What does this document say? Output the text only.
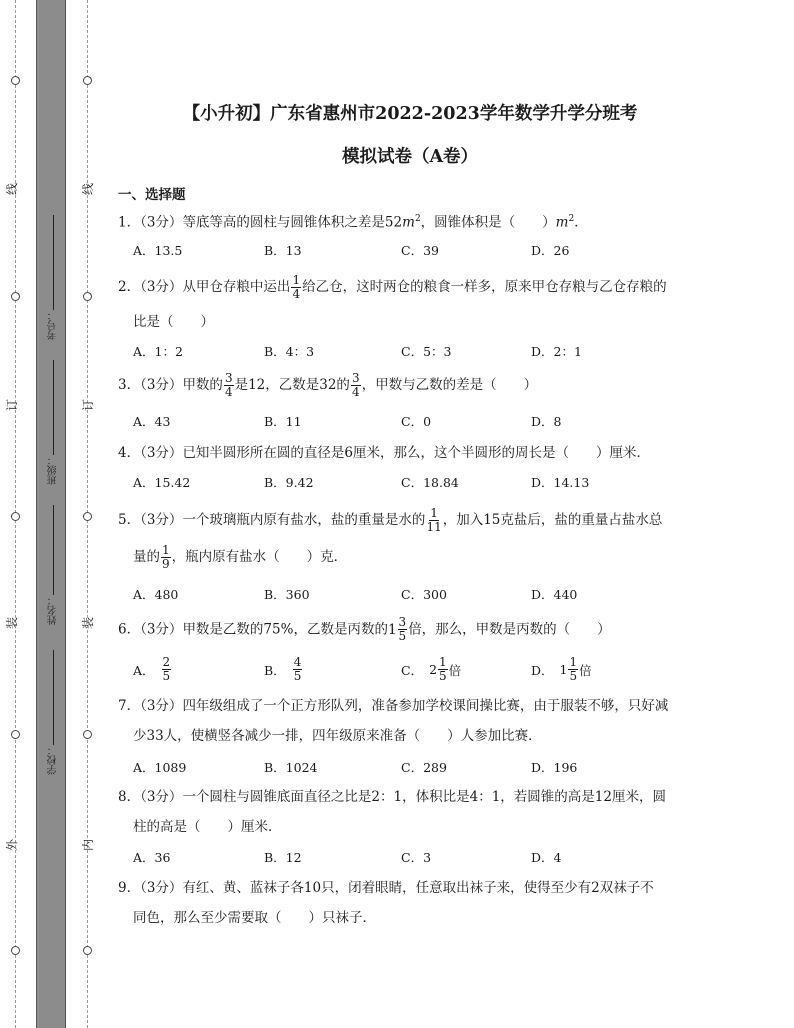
线
订
装
外
线
订
装
内
考号：
班级：
姓名：
学校：
【小升初】广东省惠州市2022-2023学年数学升学分班考
模拟试卷（A卷）
一、选择题
1．（3分）等底等高的圆柱与圆锥体积之差是$52m^2$，圆锥体积是（　　）$m^2$．
A．13.5	B．13	C．39	D．26
2．（3分）从甲仓存粮中运出 $\frac{1}{4}$ 给乙仓，这时两仓的粮食一样多，原来甲仓存粮与乙仓存粮的
比是（　　）
A．1：2	B．4：3	C．5：3	D．2：1
3．（3分）甲数的 $\frac{3}{4}$ 是12，乙数是32的 $\frac{3}{4}$ ，甲数与乙数的差是（　　）
A．43	B．11	C．0	D．8
4．（3分）已知半圆形所在圆的直径是6厘米，那么，这个半圆形的周长是（　　）厘米．
A．15.42	B．9.42	C．18.84	D．14.13
5．（3分）一个玻璃瓶内原有盐水，盐的重量是水的 $\frac{1}{11}$ ，加入15克盐后，盐的重量占盐水总
量的 $\frac{1}{9}$ ，瓶内原有盐水（　　）克．
A．480	B．360	C．300	D．440
6．（3分）甲数是乙数的75%，乙数是丙数的 $1 \frac{3}{5}$ 倍，那么，甲数是丙数的（　　）
A． $\frac{2}{5}$	B． $\frac{4}{5}$	C． $2 \frac{1}{5}$ 倍	D． $1 \frac{1}{5}$ 倍
7．（3分）四年级组成了一个正方形队列，准备参加学校课间操比赛，由于服装不够，只好减
少33人，使横竖各减少一排，四年级原来准备（　　）人参加比赛．
A．1089	B．1024	C．289	D．196
8．（3分）一个圆柱与圆锥底面直径之比是2：1，体积比是4：1，若圆锥的高是12厘米，圆
柱的高是（　　）厘米．
A．36	B．12	C．3	D．4
9．（3分）有红、黄、蓝袜子各10只，闭着眼睛，任意取出袜子来，使得至少有2双袜子不
同色，那么至少需要取（　　）只袜子．
